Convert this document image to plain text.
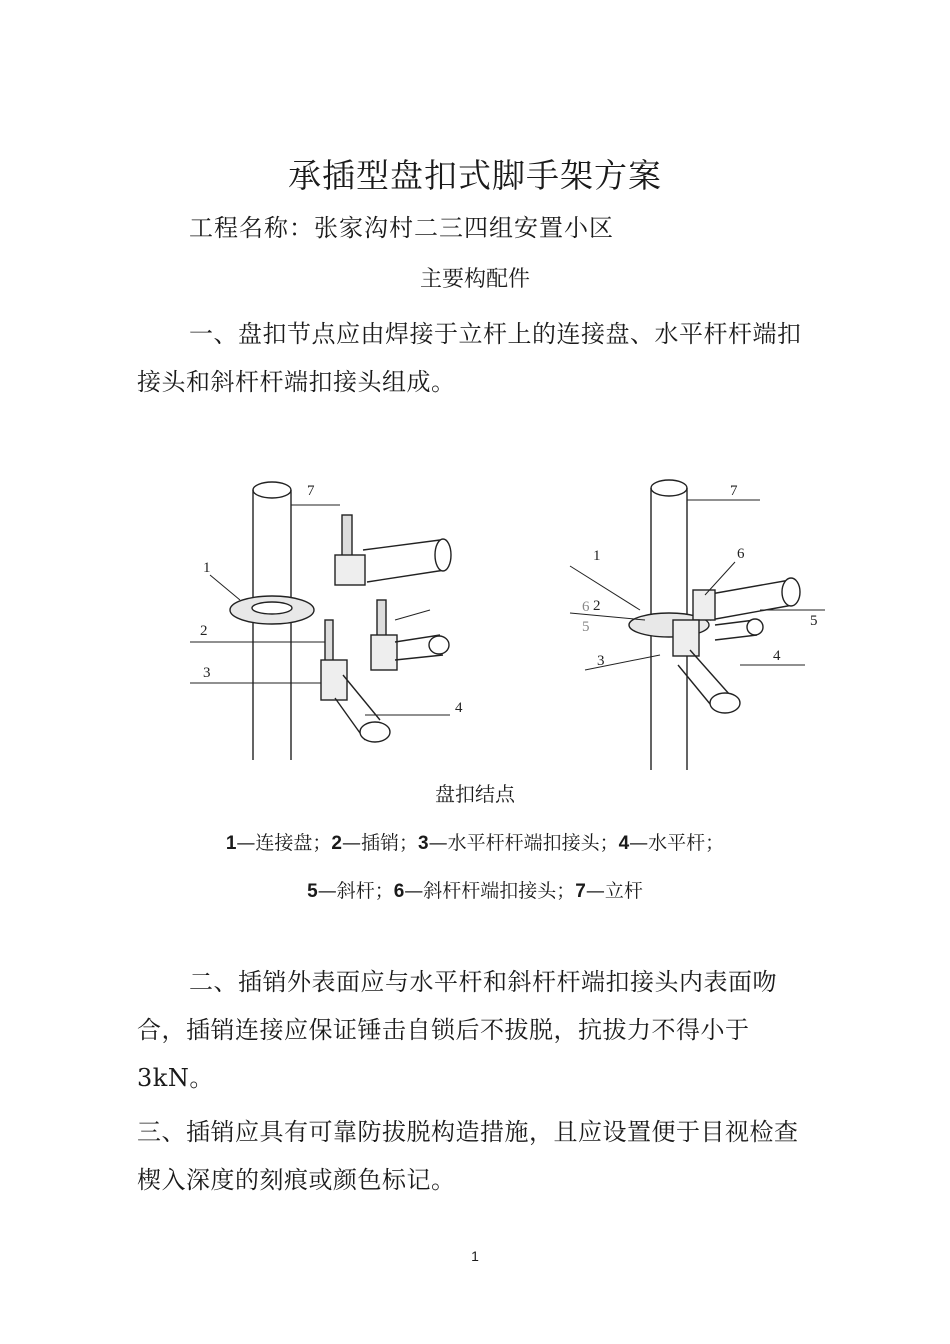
承插型盘扣式脚手架方案
工程名称：张家沟村二三四组安置小区
主要构配件
一、盘扣节点应由焊接于立杆上的连接盘、水平杆杆端扣接头和斜杆杆端扣接头组成。
7
1
6
5
2
3
4
7
1	6
2
5
3	4
盘扣结点
1—连接盘；2—插销；3—水平杆杆端扣接头；4—水平杆；
5—斜杆；6—斜杆杆端扣接头；7—立杆
二、插销外表面应与水平杆和斜杆杆端扣接头内表面吻合，插销连接应保证锤击自锁后不拔脱，抗拔力不得小于3kN。
三、插销应具有可靠防拔脱构造措施，且应设置便于目视检查楔入深度的刻痕或颜色标记。
1
